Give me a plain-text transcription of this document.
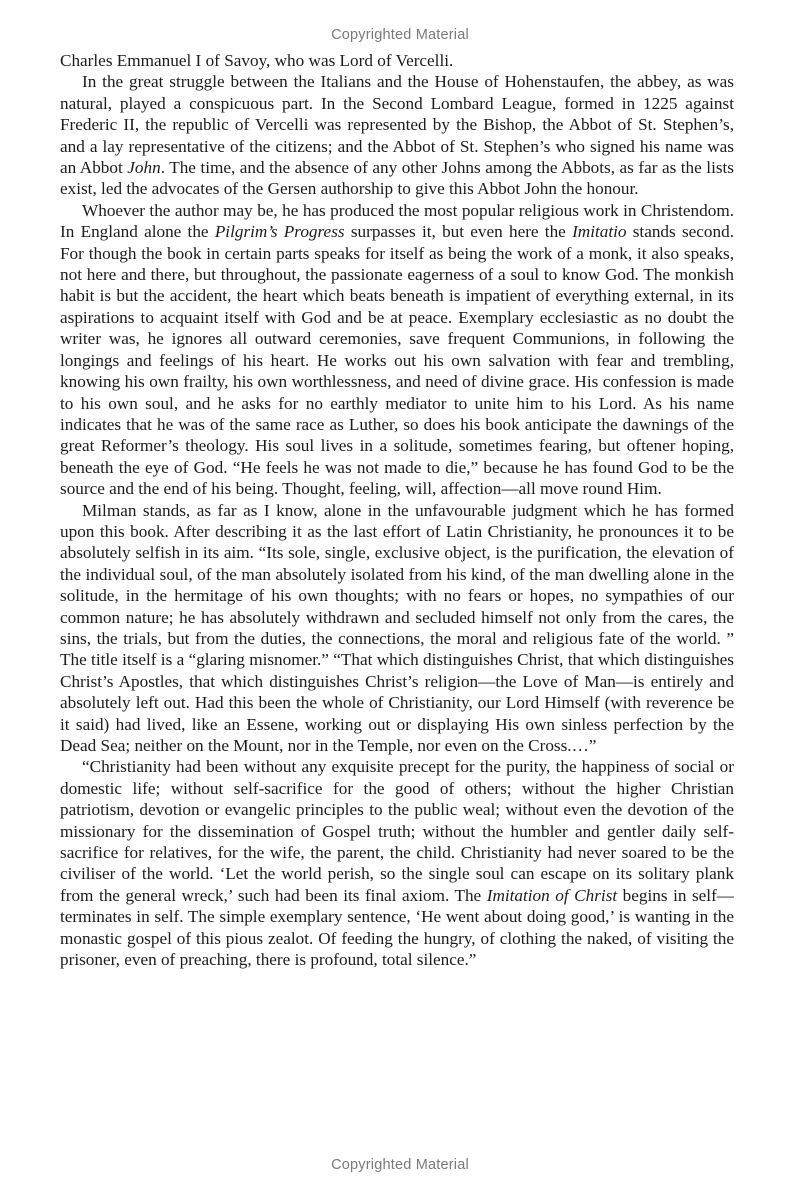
Copyrighted Material

Charles Emmanuel I of Savoy, who was Lord of Vercelli.

In the great struggle between the Italians and the House of Hohenstaufen, the abbey, as was natural, played a conspicuous part. In the Second Lombard League, formed in 1225 against Frederic II, the republic of Vercelli was represented by the Bishop, the Abbot of St. Stephen’s, and a lay representative of the citizens; and the Abbot of St. Stephen’s who signed his name was an Abbot John. The time, and the absence of any other Johns among the Abbots, as far as the lists exist, led the advocates of the Gersen authorship to give this Abbot John the honour.

Whoever the author may be, he has produced the most popular religious work in Christendom. In England alone the Pilgrim’s Progress surpasses it, but even here the Imitatio stands second. For though the book in certain parts speaks for itself as being the work of a monk, it also speaks, not here and there, but throughout, the passionate eagerness of a soul to know God. The monkish habit is but the accident, the heart which beats beneath is impatient of everything external, in its aspirations to acquaint itself with God and be at peace. Exemplary ecclesiastic as no doubt the writer was, he ignores all outward ceremonies, save frequent Communions, in following the longings and feelings of his heart. He works out his own salvation with fear and trembling, knowing his own frailty, his own worthlessness, and need of divine grace. His confession is made to his own soul, and he asks for no earthly mediator to unite him to his Lord. As his name indicates that he was of the same race as Luther, so does his book anticipate the dawnings of the great Reformer’s theology. His soul lives in a solitude, sometimes fearing, but oftener hoping, beneath the eye of God. “He feels he was not made to die,” because he has found God to be the source and the end of his being. Thought, feeling, will, affection—all move round Him.

Milman stands, as far as I know, alone in the unfavourable judgment which he has formed upon this book. After describing it as the last effort of Latin Christianity, he pronounces it to be absolutely selfish in its aim. “Its sole, single, exclusive object, is the purification, the elevation of the individual soul, of the man absolutely isolated from his kind, of the man dwelling alone in the solitude, in the hermitage of his own thoughts; with no fears or hopes, no sympathies of our common nature; he has absolutely withdrawn and secluded himself not only from the cares, the sins, the trials, but from the duties, the connections, the moral and religious fate of the world. ” The title itself is a “glaring misnomer.” “That which distinguishes Christ, that which distinguishes Christ’s Apostles, that which distinguishes Christ’s religion—the Love of Man—is entirely and absolutely left out. Had this been the whole of Christianity, our Lord Himself (with reverence be it said) had lived, like an Essene, working out or displaying His own sinless perfection by the Dead Sea; neither on the Mount, nor in the Temple, nor even on the Cross.…”

“Christianity had been without any exquisite precept for the purity, the happiness of social or domestic life; without self-sacrifice for the good of others; without the higher Christian patriotism, devotion or evangelic principles to the public weal; without even the devotion of the missionary for the dissemination of Gospel truth; without the humbler and gentler daily self-sacrifice for relatives, for the wife, the parent, the child. Christianity had never soared to be the civiliser of the world. ‘Let the world perish, so the single soul can escape on its solitary plank from the general wreck,’ such had been its final axiom. The Imitation of Christ begins in self—terminates in self. The simple exemplary sentence, ‘He went about doing good,’ is wanting in the monastic gospel of this pious zealot. Of feeding the hungry, of clothing the naked, of visiting the prisoner, even of preaching, there is profound, total silence.”

Copyrighted Material
